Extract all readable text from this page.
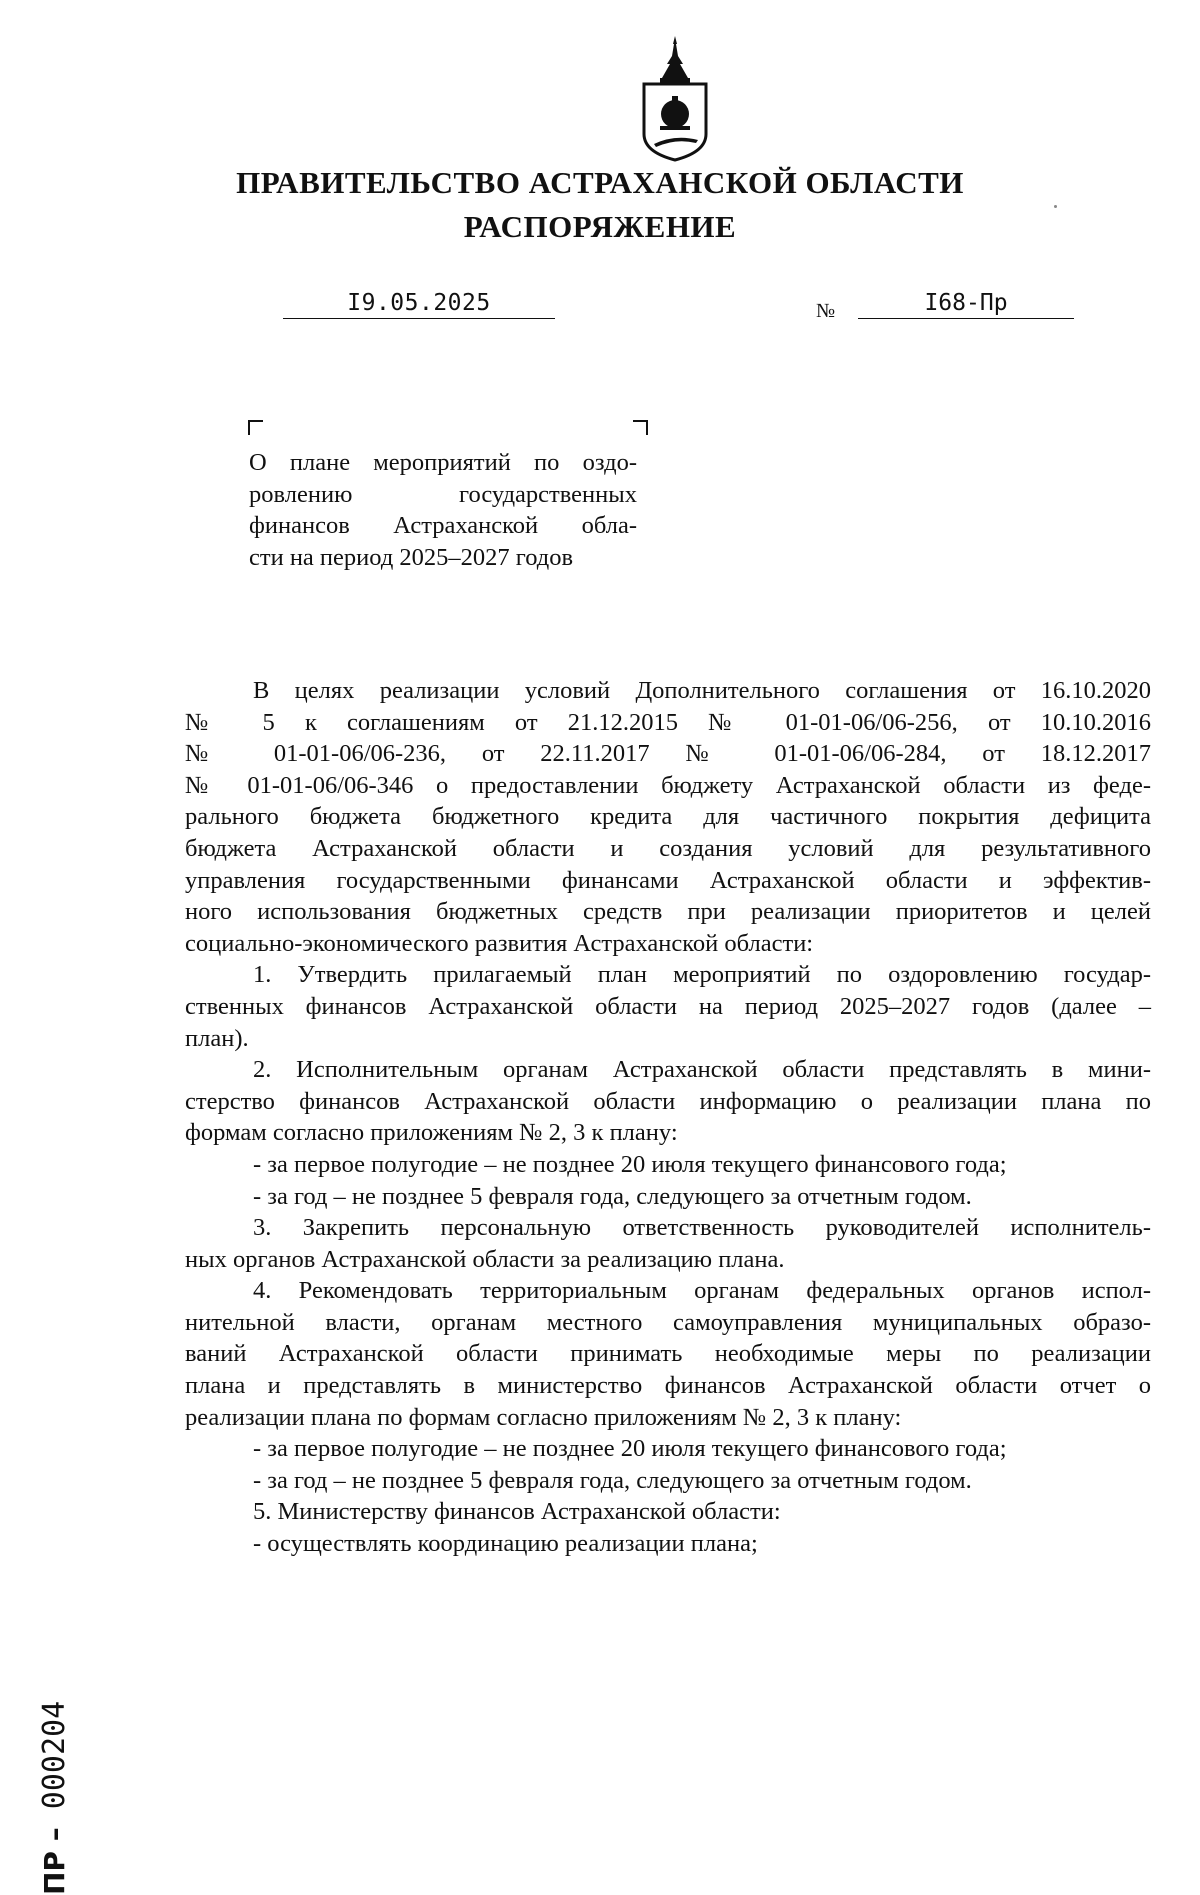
ПРАВИТЕЛЬСТВО АСТРАХАНСКОЙ ОБЛАСТИ
РАСПОРЯЖЕНИЕ
I9.05.2025	№	I68-Пр
О плане мероприятий по оздо-
ровлению государственных
финансов Астраханской обла-
сти на период 2025–2027 годов
В целях реализации условий Дополнительного соглашения от 16.10.2020
№ 5 к соглашениям от 21.12.2015 № 01-01-06/06-256, от 10.10.2016
№ 01-01-06/06-236, от 22.11.2017 № 01-01-06/06-284, от 18.12.2017
№ 01-01-06/06-346 о предоставлении бюджету Астраханской области из феде-
рального бюджета бюджетного кредита для частичного покрытия дефицита
бюджета Астраханской области и создания условий для результативного
управления государственными финансами Астраханской области и эффектив-
ного использования бюджетных средств при реализации приоритетов и целей
социально-экономического развития Астраханской области:
1. Утвердить прилагаемый план мероприятий по оздоровлению государ-
ственных финансов Астраханской области на период 2025–2027 годов (далее –
план).
2. Исполнительным органам Астраханской области представлять в мини-
стерство финансов Астраханской области информацию о реализации плана по
формам согласно приложениям № 2, 3 к плану:
- за первое полугодие – не позднее 20 июля текущего финансового года;
- за год – не позднее 5 февраля года, следующего за отчетным годом.
3. Закрепить персональную ответственность руководителей исполнитель-
ных органов Астраханской области за реализацию плана.
4. Рекомендовать территориальным органам федеральных органов испол-
нительной власти, органам местного самоуправления муниципальных образо-
ваний Астраханской области принимать необходимые меры по реализации
плана и представлять в министерство финансов Астраханской области отчет о
реализации плана по формам согласно приложениям № 2, 3 к плану:
- за первое полугодие – не позднее 20 июля текущего финансового года;
- за год – не позднее 5 февраля года, следующего за отчетным годом.
5. Министерству финансов Астраханской области:
- осуществлять координацию реализации плана;
ПР – 000204
